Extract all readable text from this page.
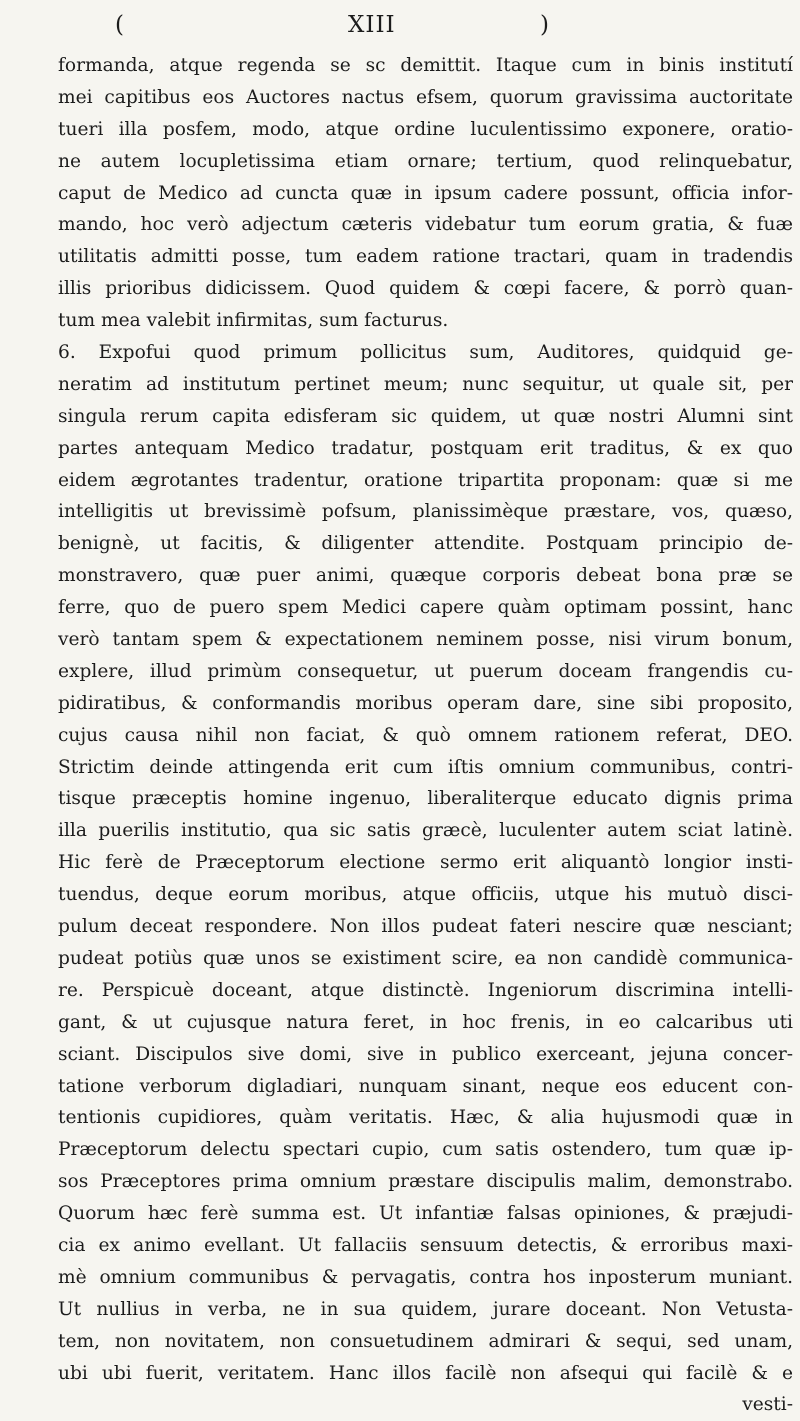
(	XIII	)
formanda, atque regenda se sc demittit. Itaque cum in binis institutí
mei capitibus eos Auctores nactus efsem, quorum gravissima auctoritate
tueri illa posfem, modo, atque ordine luculentissimo exponere, oratio-
ne autem locupletissima etiam ornare; tertium, quod relinquebatur,
caput de Medico ad cuncta quæ in ipsum cadere possunt, officia infor-
mando, hoc verò adjectum cæteris videbatur tum eorum gratia, & fuæ
utilitatis admitti posse, tum eadem ratione tractari, quam in tradendis
illis prioribus didicissem. Quod quidem & cœpi facere, & porrò quan-
tum mea valebit infirmitas, sum facturus.
6. Expofui quod primum pollicitus sum, Auditores, quidquid ge-
neratim ad institutum pertinet meum; nunc sequitur, ut quale sit, per
singula rerum capita edisferam sic quidem, ut quæ nostri Alumni sint
partes antequam Medico tradatur, postquam erit traditus, & ex quo
eidem ægrotantes tradentur, oratione tripartita proponam: quæ si me
intelligitis ut brevissimè pofsum, planissimèque præstare, vos, quæso,
benignè, ut facitis, & diligenter attendite. Postquam principio de-
monstravero, quæ puer animi, quæque corporis debeat bona præ se
ferre, quo de puero spem Medici capere quàm optimam possint, hanc
verò tantam spem & expectationem neminem posse, nisi virum bonum,
explere, illud primùm consequetur, ut puerum doceam frangendis cu-
pidiratibus, & conformandis moribus operam dare, sine sibi proposito,
cujus causa nihil non faciat, & quò omnem rationem referat, DEO.
Strictim deinde attingenda erit cum iſtis omnium communibus, contri-
tisque præceptis homine ingenuo, liberaliterque educato dignis prima
illa puerilis institutio, qua sic satis græcè, luculenter autem sciat latinè.
Hic ferè de Præceptorum electione sermo erit aliquantò longior insti-
tuendus, deque eorum moribus, atque officiis, utque his mutuò disci-
pulum deceat respondere. Non illos pudeat fateri nescire quæ nesciant;
pudeat potiùs quæ unos se existiment scire, ea non candidè communica-
re. Perspicuè doceant, atque distinctè. Ingeniorum discrimina intelli-
gant, & ut cujusque natura feret, in hoc frenis, in eo calcaribus uti
sciant. Discipulos sive domi, sive in publico exerceant, jejuna concer-
tatione verborum digladiari, nunquam sinant, neque eos educent con-
tentionis cupidiores, quàm veritatis. Hæc, & alia hujusmodi quæ in
Præceptorum delectu spectari cupio, cum satis ostendero, tum quæ ip-
sos Præceptores prima omnium præstare discipulis malim, demonstrabo.
Quorum hæc ferè summa est. Ut infantiæ falsas opiniones, & præjudi-
cia ex animo evellant. Ut fallaciis sensuum detectis, & erroribus maxi-
mè omnium communibus & pervagatis, contra hos inposterum muniant.
Ut nullius in verba, ne in sua quidem, jurare doceant. Non Vetusta-
tem, non novitatem, non consuetudinem admirari & sequi, sed unam,
ubi ubi fuerit, veritatem. Hanc illos facilè non afsequi qui facilè & e
vesti-
